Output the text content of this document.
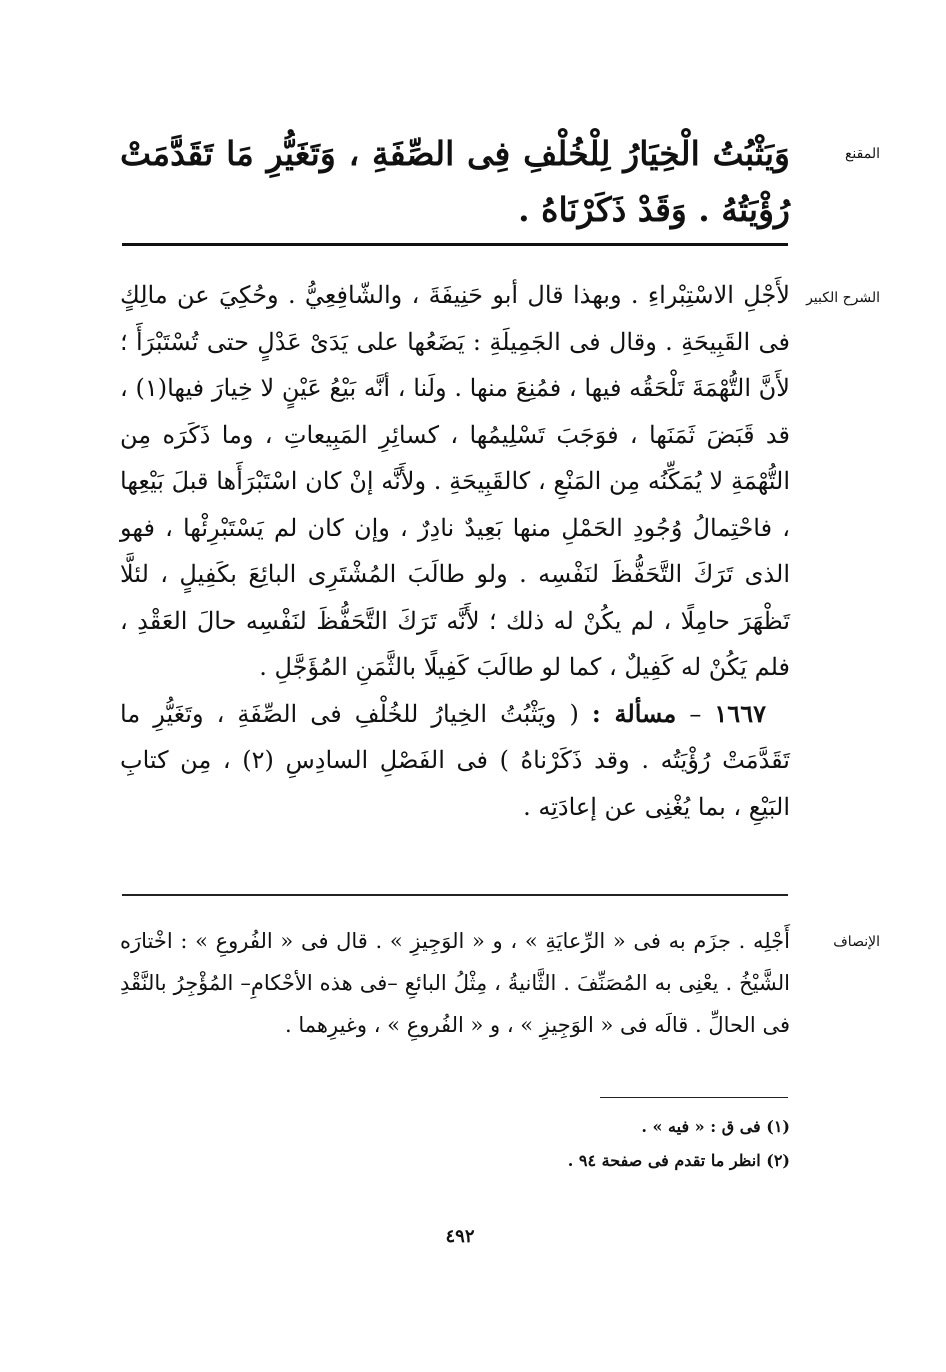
المقنع
وَيَثْبُتُ الْخِيَارُ لِلْخُلْفِ فِى الصِّفَةِ ، وَتَغَيُّرِ مَا تَقَدَّمَتْ رُؤْيَتُهُ . وَقَدْ ذَكَرْنَاهُ .
الشرح الكبير

لأَجْلِ الاسْتِبْراءِ . وبهذا قال أبو حَنِيفَةَ ، والشّافِعِيُّ . وحُكِيَ عن مالِكٍ فى القَبِيحَةِ . وقال فى الجَمِيلَةِ : يَضَعُها على يَدَىْ عَدْلٍ حتى تُسْتَبْرَأَ ؛ لأَنَّ التُّهْمَةَ تَلْحَقُه فيها ، فمُنِعَ منها . ولَنا ، أنَّه بَيْعُ عَيْنٍ لا خِيارَ فيها(١) ، قد قَبَضَ ثَمَنَها ، فوَجَبَ تَسْلِيمُها ، كسائِرِ المَبِيعاتِ ، وما ذَكَرَه مِن التُّهْمَةِ لا يُمَكِّنُه مِن المَنْعِ ، كالقَبِيحَةِ . ولأَنَّه إنْ كان اسْتَبْرَأَها قبلَ بَيْعِها ، فاحْتِمالُ وُجُودِ الحَمْلِ منها بَعِيدٌ نادِرٌ ، وإن كان لم يَسْتَبْرِئْها ، فهو الذى تَرَكَ التَّحَفُّظَ لنَفْسِه . ولو طالَبَ المُشْتَرِى البائِعَ بكَفِيلٍ ، لئلَّا تَظْهَرَ حامِلًا ، لم يكُنْ له ذلك ؛ لأَنَّه تَرَكَ التَّحَفُّظَ لنَفْسِه حالَ العَقْدِ ، فلم يَكُنْ له كَفِيلٌ ، كما لو طالَبَ كَفِيلًا بالثَّمَنِ المُؤَجَّلِ .

١٦٦٧ – مسألة : ( ويَثْبُتُ الخِيارُ للخُلْفِ فى الصِّفَةِ ، وتَغَيُّرِ ما تَقَدَّمَتْ رُؤْيَتُه . وقد ذَكَرْناهُ ) فى الفَصْلِ السادِسِ (٢) ، مِن كتابِ البَيْعِ ، بما يُغْنِى عن إعادَتِه .

الإنصاف
أَجْلِه . جزَم به فى « الرِّعايَةِ » ، و « الوَجِيزِ » . قال فى « الفُروعِ » : اخْتارَه الشَّيْخُ . يعْنِى به المُصَنِّفَ . الثَّانيةُ ، مِثْلُ البائعِ –فى هذه الأحْكامِ– المُؤْجِرُ بالنَّقْدِ فى الحالِّ . قالَه فى « الوَجِيزِ » ، و « الفُروعِ » ، وغيرِهما .
(١) فى ق : « فيه » .
(٢) انظر ما تقدم فى صفحة ٩٤ .
٤٩٢
